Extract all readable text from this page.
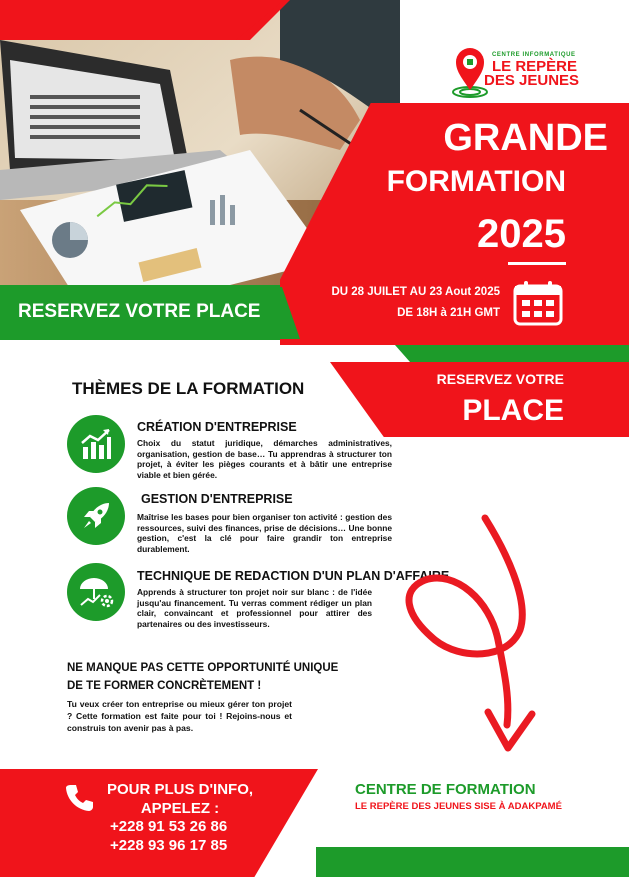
CENTRE INFORMATIQUE
LE REPÈRE
DES JEUNES
GRANDE
FORMATION
2025
DU 28 JUILET AU 23 Aout 2025
DE 18H à 21H GMT
RESERVEZ VOTRE PLACE
RESERVEZ VOTRE
PLACE
THÈMES DE LA FORMATION
CRÉATION D'ENTREPRISE
Choix du statut juridique, démarches administratives, organisation, gestion de base… Tu apprendras à structurer ton projet, à éviter les pièges courants et à bâtir une entreprise viable et bien gérée.
GESTION D'ENTREPRISE
Maîtrise les bases pour bien organiser ton activité : gestion des ressources, suivi des finances, prise de décisions… Une bonne gestion, c'est la clé pour faire grandir ton entreprise durablement.
TECHNIQUE DE REDACTION D'UN PLAN D'AFFAIRE
Apprends à structurer ton projet noir sur blanc : de l'idée jusqu'au financement. Tu verras comment rédiger un plan clair, convaincant et professionnel pour attirer des partenaires ou des investisseurs.
NE MANQUE PAS CETTE OPPORTUNITÉ UNIQUE DE TE FORMER CONCRÈTEMENT !
Tu veux créer ton entreprise ou mieux gérer ton projet ? Cette formation est faite pour toi ! Rejoins-nous et construis ton avenir pas à pas.
POUR PLUS D'INFO,
APPELEZ :
+228 91 53 26 86
+228 93 96 17 85
CENTRE DE FORMATION
LE REPÈRE DES JEUNES SISE À ADAKPAMÉ
